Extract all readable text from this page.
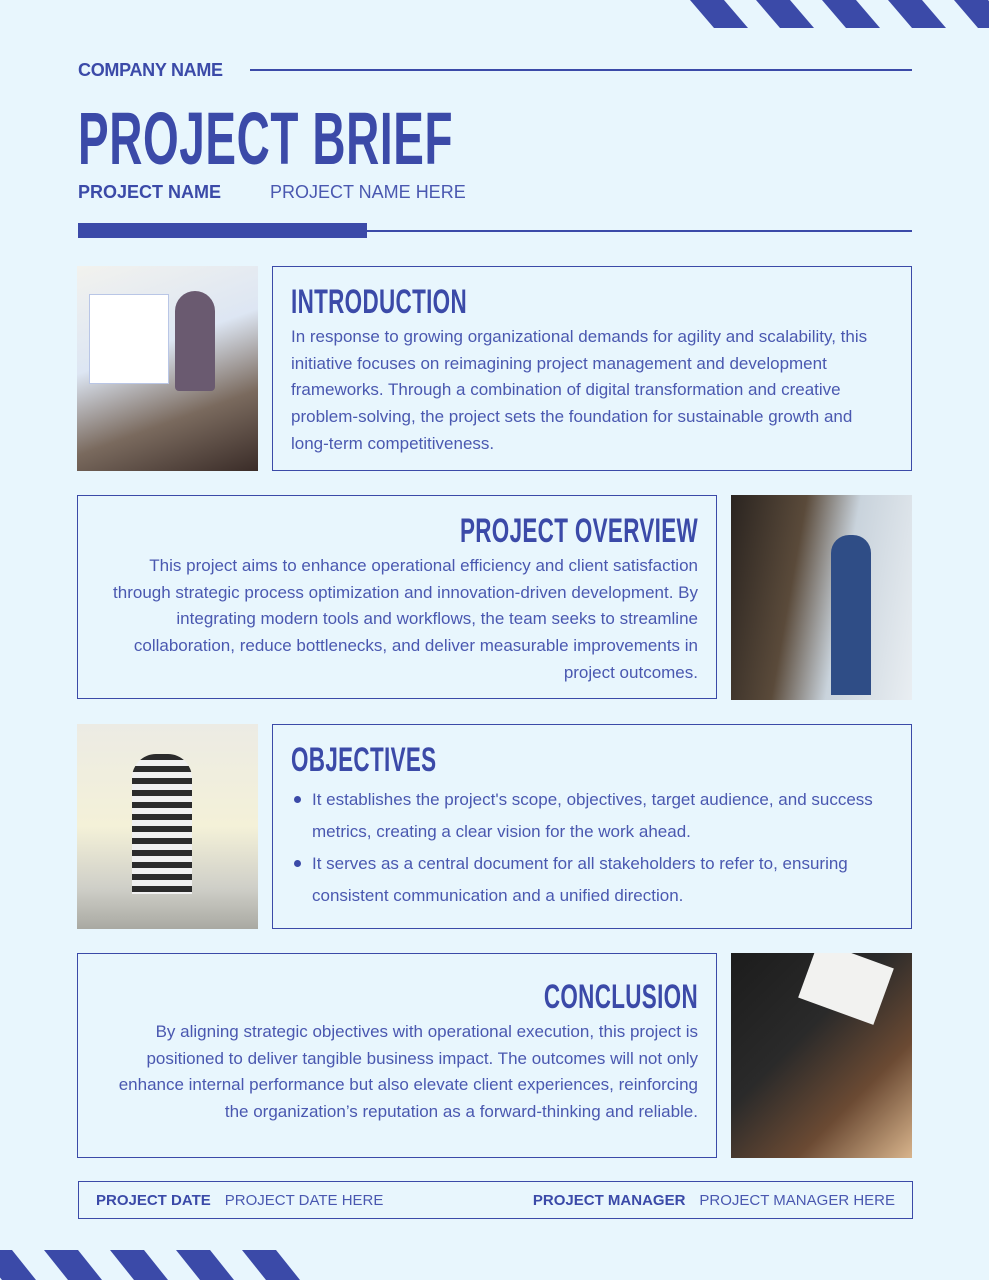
COMPANY NAME
PROJECT BRIEF
PROJECT NAME	PROJECT NAME HERE
INTRODUCTION

In response to growing organizational demands for agility and scalability, this initiative focuses on reimagining project management and development frameworks. Through a combination of digital transformation and creative problem-solving, the project sets the foundation for sustainable growth and long-term competitiveness.

PROJECT OVERVIEW

This project aims to enhance operational efficiency and client satisfaction through strategic process optimization and innovation-driven development. By integrating modern tools and workflows, the team seeks to streamline collaboration, reduce bottlenecks, and deliver measurable improvements in project outcomes.

OBJECTIVES
It establishes the project's scope, objectives, target audience, and success metrics, creating a clear vision for the work ahead.
It serves as a central document for all stakeholders to refer to, ensuring consistent communication and a unified direction.
CONCLUSION

By aligning strategic objectives with operational execution, this project is positioned to deliver tangible business impact. The outcomes will not only enhance internal performance but also elevate client experiences, reinforcing the organization’s reputation as a forward-thinking and reliable.

PROJECT DATE PROJECT DATE HERE	PROJECT MANAGER PROJECT MANAGER HERE
